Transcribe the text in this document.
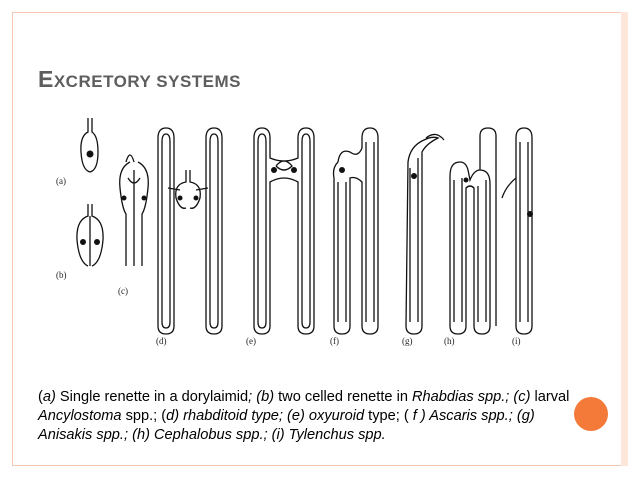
EXCRETORY SYSTEMS
(a)
(b)
(c)
(d)	(e)	(f)	(g)	(h)	(i)
(a) Single renette in a dorylaimid; (b) two celled renette in Rhabdias spp.; (c) larval Ancylostoma spp.; (d) rhabditoid type; (e) oxyuroid type; ( f ) Ascaris spp.; (g) Anisakis spp.; (h) Cephalobus spp.; (i) Tylenchus spp.
